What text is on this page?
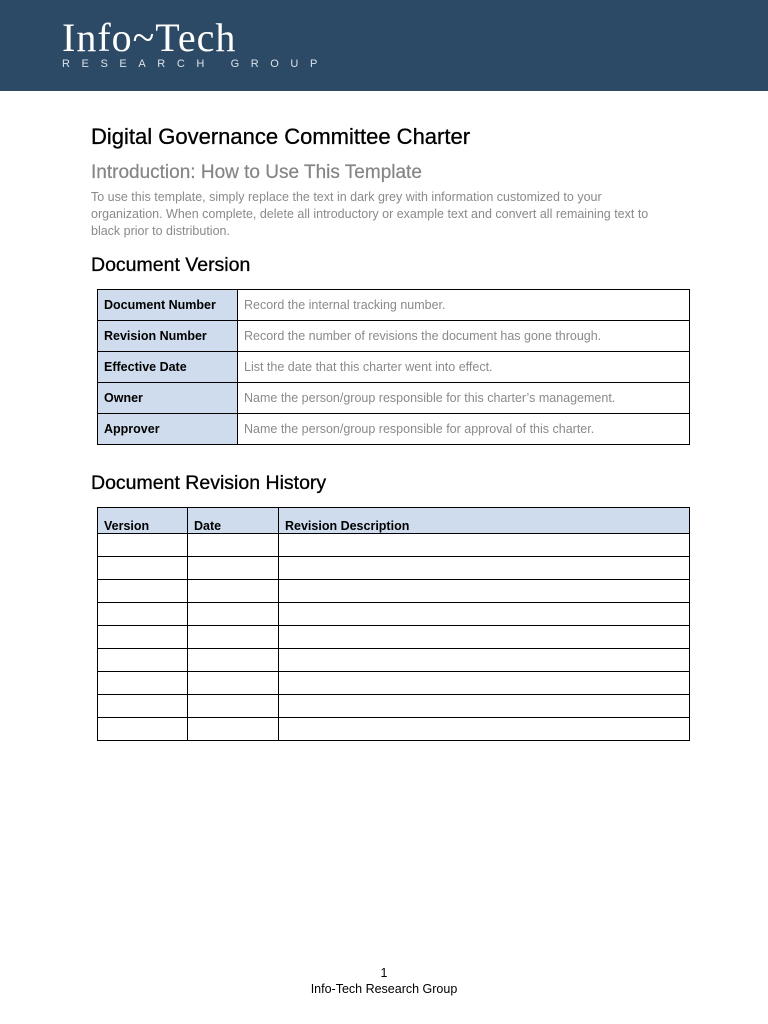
Info~Tech
RESEARCH GROUP
Digital Governance Committee Charter
Introduction: How to Use This Template

To use this template, simply replace the text in dark grey with information customized to your organization. When complete, delete all introductory or example text and convert all remaining text to black prior to distribution.

Document Version
Document Revision History
Document Number	Record the internal tracking number.
Revision Number	Record the number of revisions the document has gone through.
Effective Date	List the date that this charter went into effect.
Owner	Name the person/group responsible for this charter’s management.
Approver	Name the person/group responsible for approval of this charter.
Version	Date	Revision Description

1
Info-Tech Research Group
